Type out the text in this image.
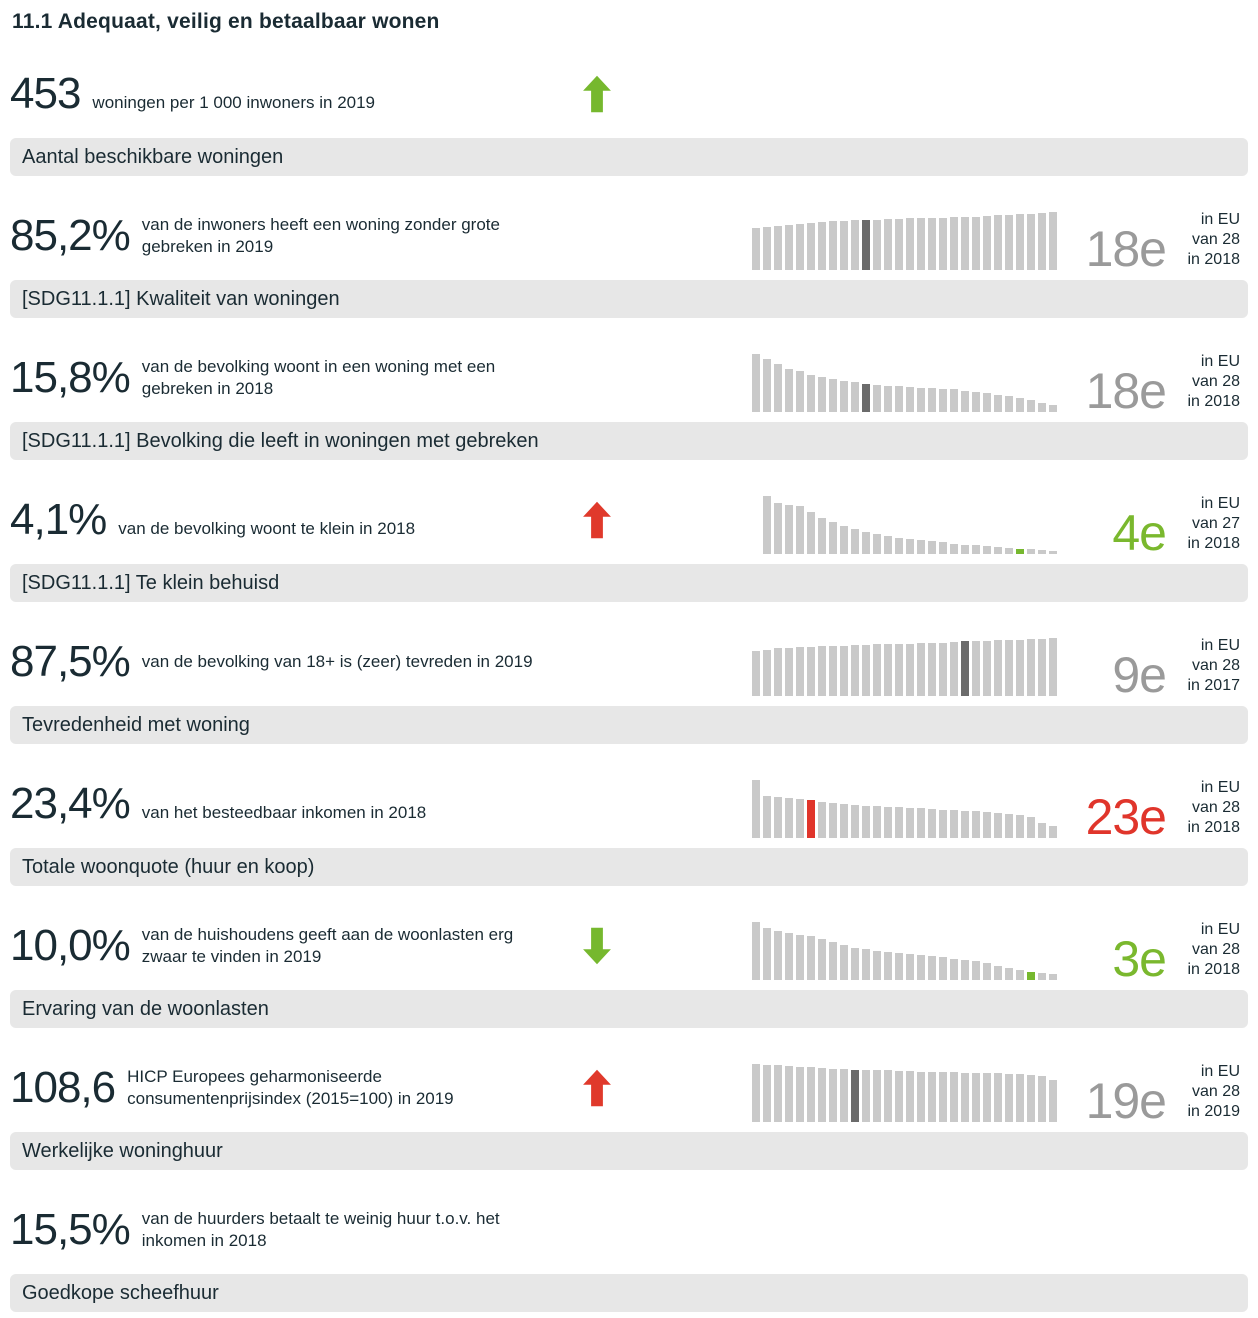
11.1 Adequaat, veilig en betaalbaar wonen
453 woningen per 1 000 inwoners in 2019
Aantal beschikbare woningen
85,2% van de inwoners heeft een woning zonder grote gebreken in 2019	18e
in EU
van 28
in 2018
[SDG11.1.1] Kwaliteit van woningen
15,8% van de bevolking woont in een woning met een gebreken in 2018	18e
in EU
van 28
in 2018
[SDG11.1.1] Bevolking die leeft in woningen met gebreken
4,1% van de bevolking woont te klein in 2018	4e
in EU
van 27
in 2018
[SDG11.1.1] Te klein behuisd
87,5% van de bevolking van 18+ is (zeer) tevreden in 2019	9e
in EU
van 28
in 2017
Tevredenheid met woning
23,4% van het besteedbaar inkomen in 2018	23e
in EU
van 28
in 2018
Totale woonquote (huur en koop)
10,0% van de huishoudens geeft aan de woonlasten erg zwaar te vinden in 2019	3e
in EU
van 28
in 2018
Ervaring van de woonlasten
108,6 HICP Europees geharmoniseerde consumentenprijsindex (2015=100) in 2019	19e
in EU
van 28
in 2019
Werkelijke woninghuur
15,5% van de huurders betaalt te weinig huur t.o.v. het inkomen in 2018
Goedkope scheefhuur
